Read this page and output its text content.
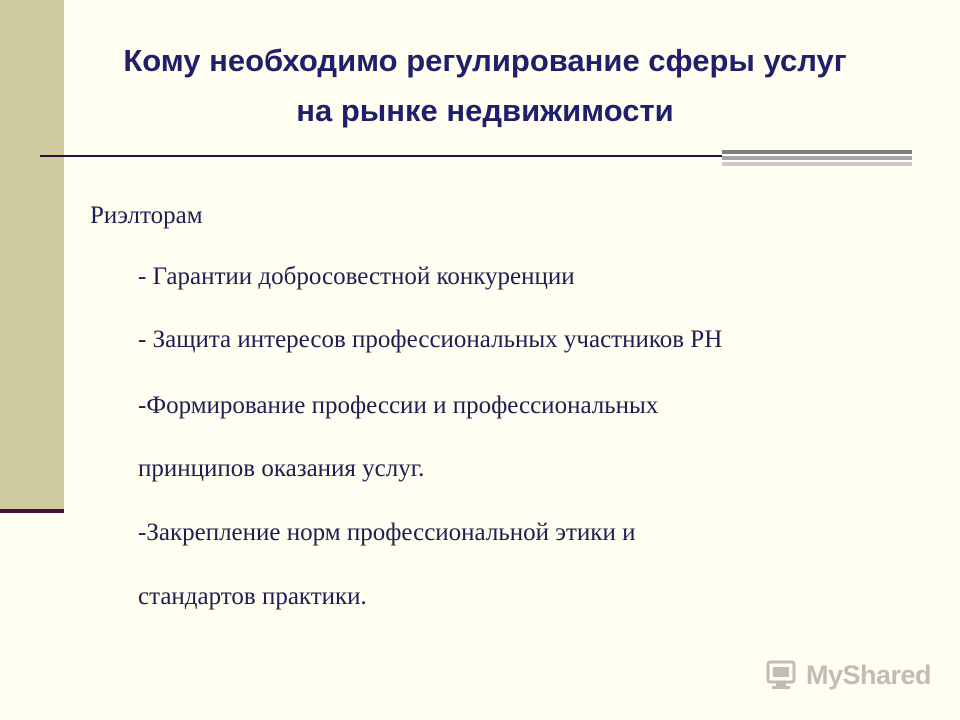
Кому необходимо регулирование сферы услуг
на рынке недвижимости
Риэлторам
- Гарантии добросовестной конкуренции
- Защита интересов профессиональных участников РН
-Формирование профессии и профессиональных
принципов оказания услуг.
-Закрепление норм профессиональной этики и
стандартов практики.
MyShared
